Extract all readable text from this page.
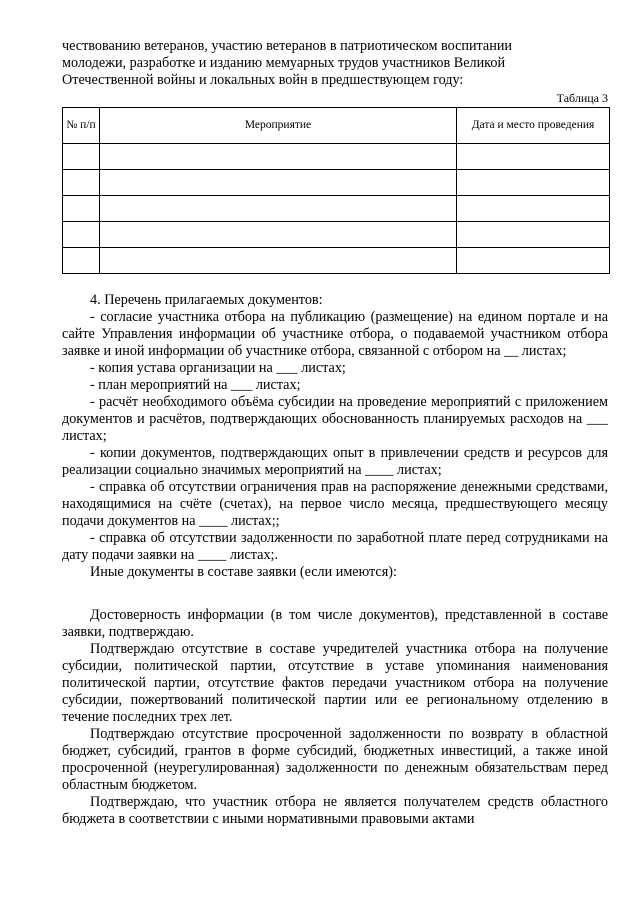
чествованию ветеранов, участию ветеранов в патриотическом воспитании

молодежи, разработке и изданию мемуарных трудов участников Великой

Отечественной войны и локальных войн в предшествующем году:

Таблица 3
№ п/п	Мероприятие	Дата и место проведения

4. Перечень прилагаемых документов:

- согласие участника отбора на публикацию (размещение) на едином портале и на сайте Управления информации об участнике отбора, о подаваемой участником отбора заявке и иной информации об участнике отбора, связанной с отбором на __ листах;

- копия устава организации на ___ листах;

- план мероприятий на ___ листах;

- расчёт необходимого объёма субсидии на проведение мероприятий с приложением документов и расчётов, подтверждающих обоснованность планируемых расходов на ___ листах;

- копии документов, подтверждающих опыт в привлечении средств и ресурсов для реализации социально значимых мероприятий на ____ листах;

- справка об отсутствии ограничения прав на распоряжение денежными средствами, находящимися на счёте (счетах), на первое число месяца, предшествующего месяцу подачи документов на ____ листах;;

- справка об отсутствии задолженности по заработной плате перед сотрудниками на дату подачи заявки на ____ листах;.

Иные документы в составе заявки (если имеются):

Достоверность информации (в том числе документов), представленной в составе заявки, подтверждаю.

Подтверждаю отсутствие в составе учредителей участника отбора на получение субсидии, политической партии, отсутствие в уставе упоминания наименования политической партии, отсутствие фактов передачи участником отбора на получение субсидии, пожертвований политической партии или ее региональному отделению в течение последних трех лет.

Подтверждаю отсутствие просроченной задолженности по возврату в областной бюджет, субсидий, грантов в форме субсидий, бюджетных инвестиций, а также иной просроченной (неурегулированная) задолженности по денежным обязательствам перед областным бюджетом.

Подтверждаю, что участник отбора не является получателем средств областного бюджета в соответствии с иными нормативными правовыми актами
